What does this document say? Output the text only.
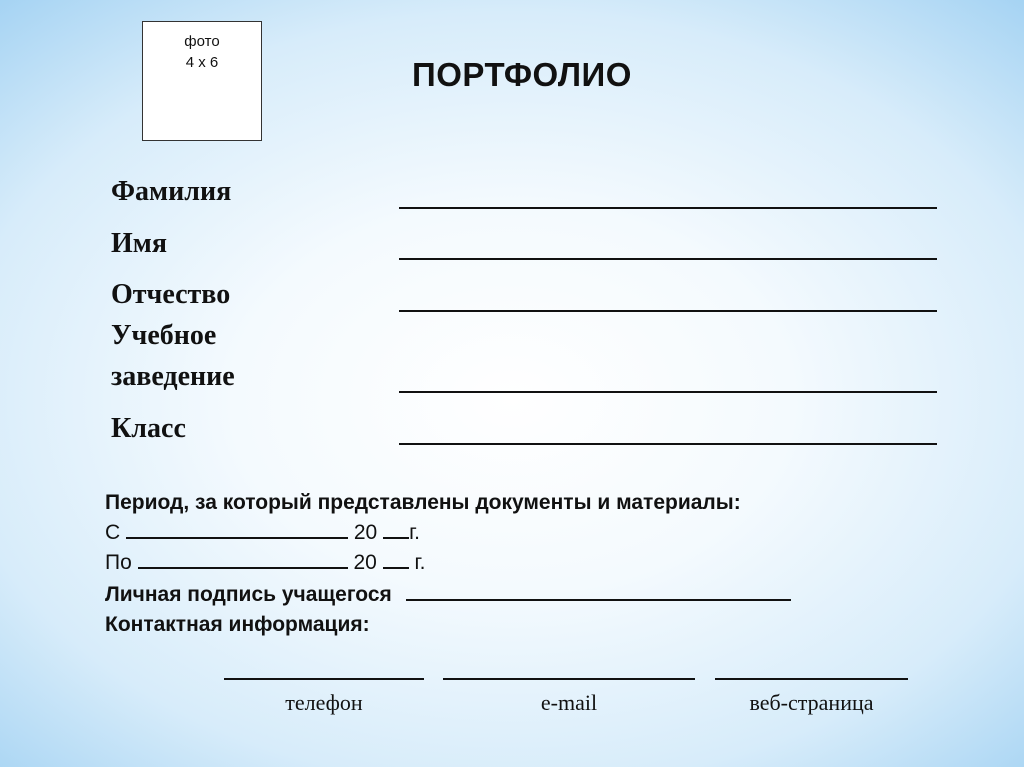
фото
4 х 6	ПОРТФОЛИО
Фамилия
Имя
Отчество
Учебное
заведение
Класс
Период, за который представлены документы и материалы:
С	20 г.
По	20 г.
Личная подпись учащегося
Контактная информация:
телефон	e-mail	веб-страница
